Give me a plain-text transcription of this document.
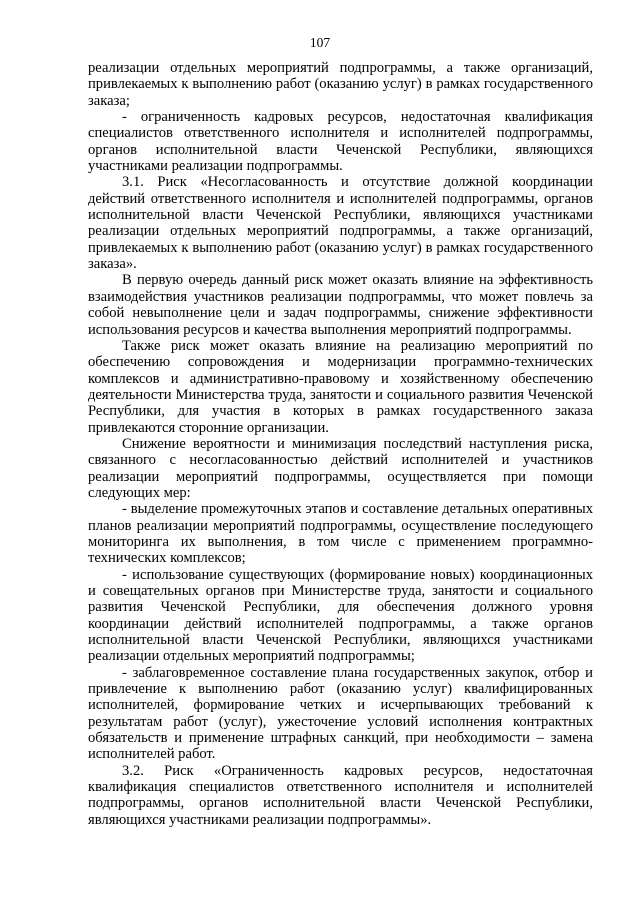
107

реализации отдельных мероприятий подпрограммы, а также организаций, привлекаемых к выполнению работ (оказанию услуг) в рамках государственного заказа;

- ограниченность кадровых ресурсов, недостаточная квалификация специалистов ответственного исполнителя и исполнителей подпрограммы, органов исполнительной власти Чеченской Республики, являющихся участниками реализации подпрограммы.

3.1. Риск «Несогласованность и отсутствие должной координации действий ответственного исполнителя и исполнителей подпрограммы, органов исполнительной власти Чеченской Республики, являющихся участниками реализации отдельных мероприятий подпрограммы, а также организаций, привлекаемых к выполнению работ (оказанию услуг) в рамках государственного заказа».

В первую очередь данный риск может оказать влияние на эффективность взаимодействия участников реализации подпрограммы, что может повлечь за собой невыполнение цели и задач подпрограммы, снижение эффективности использования ресурсов и качества выполнения мероприятий подпрограммы.

Также риск может оказать влияние на реализацию мероприятий по обеспечению сопровождения и модернизации программно-технических комплексов и административно-правовому и хозяйственному обеспечению деятельности Министерства труда, занятости и социального развития Чеченской Республики, для участия в которых в рамках государственного заказа привлекаются сторонние организации.

Снижение вероятности и минимизация последствий наступления риска, связанного с несогласованностью действий исполнителей и участников реализации мероприятий подпрограммы, осуществляется при помощи следующих мер:

- выделение промежуточных этапов и составление детальных оперативных планов реализации мероприятий подпрограммы, осуществление последующего мониторинга их выполнения, в том числе с применением программно-технических комплексов;

- использование существующих (формирование новых) координационных и совещательных органов при Министерстве труда, занятости и социального развития Чеченской Республики, для обеспечения должного уровня координации действий исполнителей подпрограммы, а также органов исполнительной власти Чеченской Республики, являющихся участниками реализации отдельных мероприятий подпрограммы;

- заблаговременное составление плана государственных закупок, отбор и привлечение к выполнению работ (оказанию услуг) квалифицированных исполнителей, формирование четких и исчерпывающих требований к результатам работ (услуг), ужесточение условий исполнения контрактных обязательств и применение штрафных санкций, при необходимости – замена исполнителей работ.

3.2. Риск «Ограниченность кадровых ресурсов, недостаточная квалификация специалистов ответственного исполнителя и исполнителей подпрограммы, органов исполнительной власти Чеченской Республики, являющихся участниками реализации подпрограммы».
